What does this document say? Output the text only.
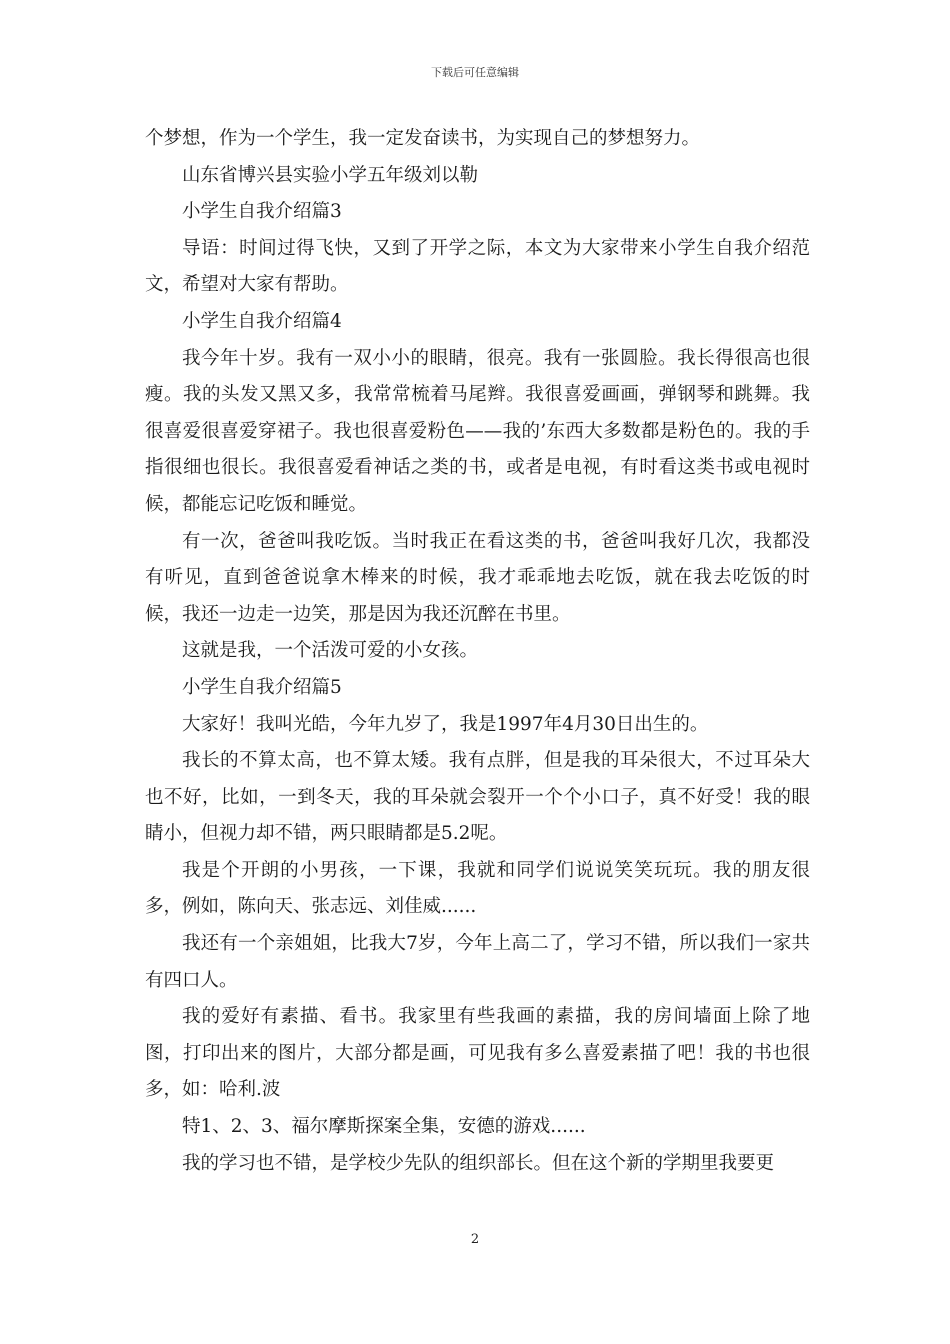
下载后可任意编辑

个梦想，作为一个学生，我一定发奋读书，为实现自己的梦想努力。

山东省博兴县实验小学五年级刘以勒

小学生自我介绍篇3

导语：时间过得飞快，又到了开学之际，本文为大家带来小学生自我介绍范文，希望对大家有帮助。

小学生自我介绍篇4

我今年十岁。我有一双小小的眼睛，很亮。我有一张圆脸。我长得很高也很瘦。我的头发又黑又多，我常常梳着马尾辫。我很喜爱画画，弹钢琴和跳舞。我很喜爱很喜爱穿裙子。我也很喜爱粉色——我的’东西大多数都是粉色的。我的手指很细也很长。我很喜爱看神话之类的书，或者是电视，有时看这类书或电视时候，都能忘记吃饭和睡觉。

有一次，爸爸叫我吃饭。当时我正在看这类的书，爸爸叫我好几次，我都没有听见，直到爸爸说拿木棒来的时候，我才乖乖地去吃饭，就在我去吃饭的时候，我还一边走一边笑，那是因为我还沉醉在书里。

这就是我，一个活泼可爱的小女孩。

小学生自我介绍篇5

大家好！我叫光皓，今年九岁了，我是1997年4月30日出生的。

我长的不算太高，也不算太矮。我有点胖，但是我的耳朵很大，不过耳朵大也不好，比如，一到冬天，我的耳朵就会裂开一个个小口子，真不好受！我的眼睛小，但视力却不错，两只眼睛都是5.2呢。

我是个开朗的小男孩，一下课，我就和同学们说说笑笑玩玩。我的朋友很多，例如，陈向天、张志远、刘佳威......

我还有一个亲姐姐，比我大7岁，今年上高二了，学习不错，所以我们一家共有四口人。

我的爱好有素描、看书。我家里有些我画的素描，我的房间墙面上除了地图，打印出来的图片，大部分都是画，可见我有多么喜爱素描了吧！我的书也很多，如：哈利.波

特1、2、3、福尔摩斯探案全集，安德的游戏......

我的学习也不错，是学校少先队的组织部长。但在这个新的学期里我要更

2
